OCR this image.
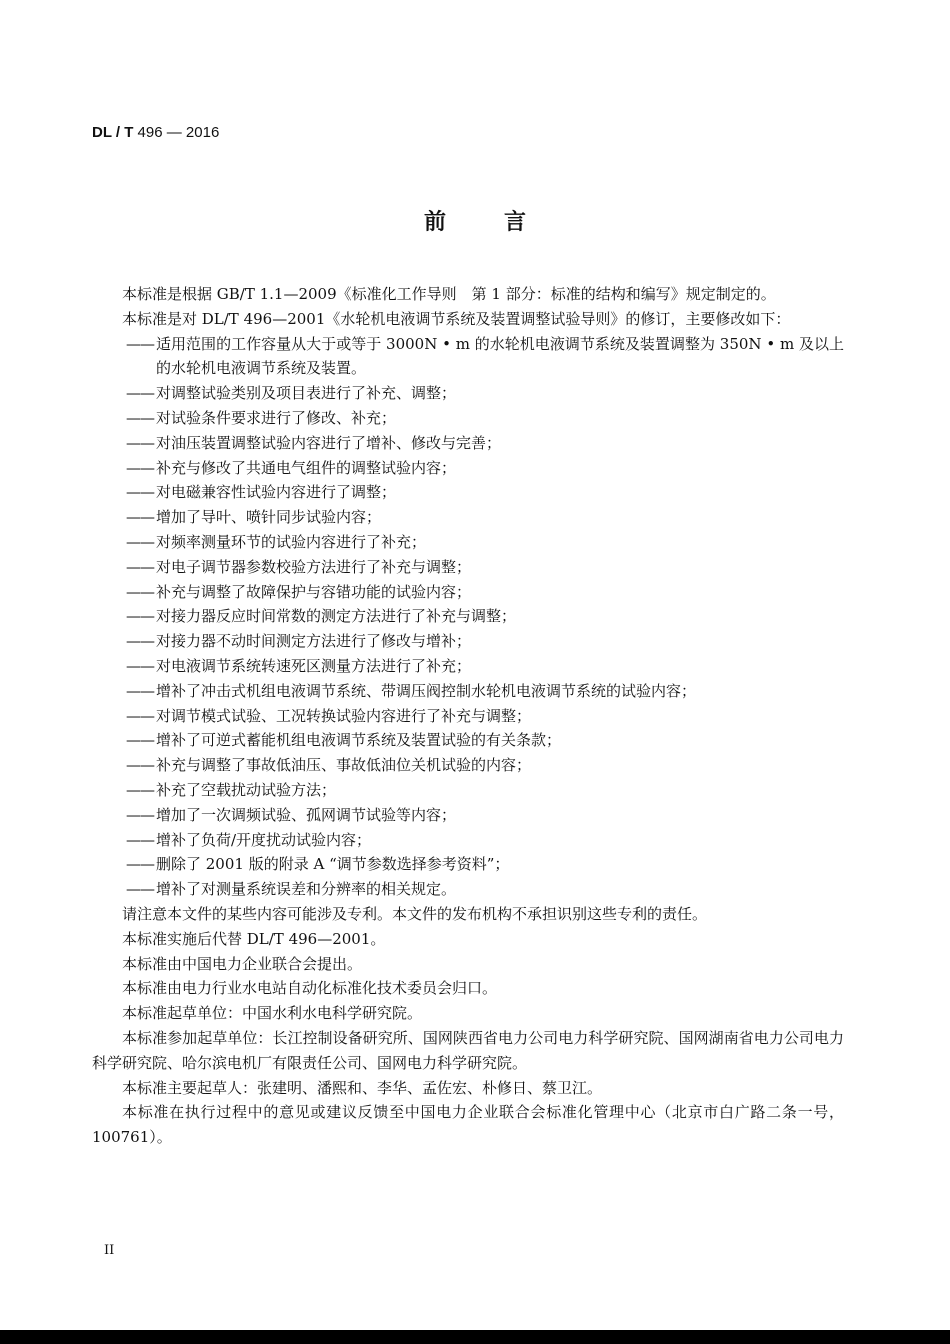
DL / T 496 — 2016
前言

本标准是根据 GB/T 1.1—2009《标准化工作导则　第 1 部分：标准的结构和编写》规定制定的。

本标准是对 DL/T 496—2001《水轮机电液调节系统及装置调整试验导则》的修订，主要修改如下：

—— 适用范围的工作容量从大于或等于 3000N • m 的水轮机电液调节系统及装置调整为 350N • m 及以上的水轮机电液调节系统及装置。

—— 对调整试验类别及项目表进行了补充、调整；

—— 对试验条件要求进行了修改、补充；

—— 对油压装置调整试验内容进行了增补、修改与完善；

—— 补充与修改了共通电气组件的调整试验内容；

—— 对电磁兼容性试验内容进行了调整；

—— 增加了导叶、喷针同步试验内容；

—— 对频率测量环节的试验内容进行了补充；

—— 对电子调节器参数校验方法进行了补充与调整；

—— 补充与调整了故障保护与容错功能的试验内容；

—— 对接力器反应时间常数的测定方法进行了补充与调整；

—— 对接力器不动时间测定方法进行了修改与增补；

—— 对电液调节系统转速死区测量方法进行了补充；

—— 增补了冲击式机组电液调节系统、带调压阀控制水轮机电液调节系统的试验内容；

—— 对调节模式试验、工况转换试验内容进行了补充与调整；

—— 增补了可逆式蓄能机组电液调节系统及装置试验的有关条款；

—— 补充与调整了事故低油压、事故低油位关机试验的内容；

—— 补充了空载扰动试验方法；

—— 增加了一次调频试验、孤网调节试验等内容；

—— 增补了负荷/开度扰动试验内容；

—— 删除了 2001 版的附录 A “调节参数选择参考资料”；

—— 增补了对测量系统误差和分辨率的相关规定。

请注意本文件的某些内容可能涉及专利。本文件的发布机构不承担识别这些专利的责任。

本标准实施后代替 DL/T 496—2001。

本标准由中国电力企业联合会提出。

本标准由电力行业水电站自动化标准化技术委员会归口。

本标准起草单位：中国水利水电科学研究院。

本标准参加起草单位：长江控制设备研究所、国网陕西省电力公司电力科学研究院、国网湖南省电力公司电力科学研究院、哈尔滨电机厂有限责任公司、国网电力科学研究院。

本标准主要起草人：张建明、潘熙和、李华、孟佐宏、朴修日、蔡卫江。

本标准在执行过程中的意见或建议反馈至中国电力企业联合会标准化管理中心（北京市白广路二条一号，100761）。

II
